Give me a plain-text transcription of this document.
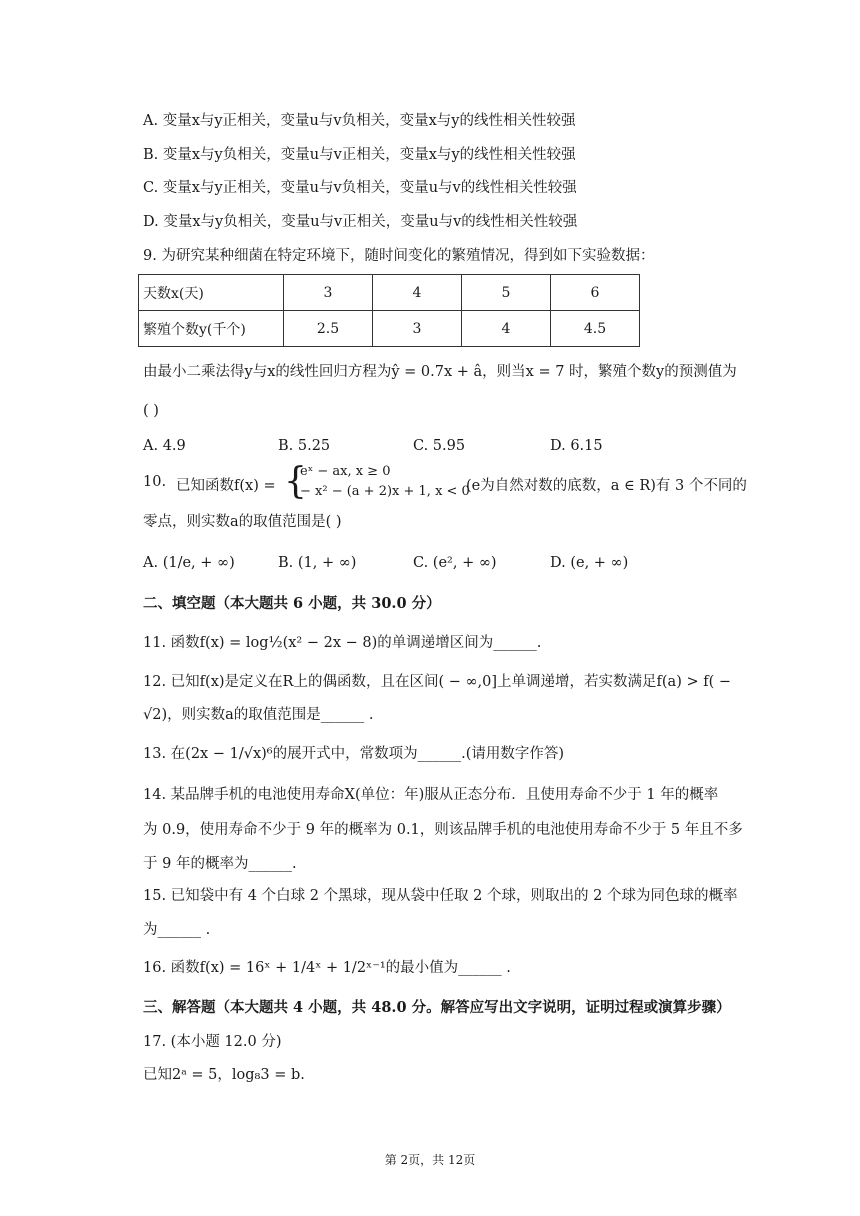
A. 变量x与y正相关，变量u与v负相关，变量x与y的线性相关性较强
B. 变量x与y负相关，变量u与v正相关，变量x与y的线性相关性较强
C. 变量x与y正相关，变量u与v负相关，变量u与v的线性相关性较强
D. 变量x与y负相关，变量u与v正相关，变量u与v的线性相关性较强
9. 为研究某种细菌在特定环境下，随时间变化的繁殖情况，得到如下实验数据：
天数x(天)	3	4	5	6
繁殖个数y(千个)	2.5	3	4	4.5
由最小二乘法得y与x的线性回归方程为ŷ = 0.7x + â，则当x = 7 时，繁殖个数y的预测值为
( )
A. 4.9	B. 5.25	C. 5.95	D. 6.15
10. 已知函数f(x) = {
eˣ − ax, x ≥ 0
− x² − (a + 2)x + 1, x < 0
(e为自然对数的底数，a ∈ R)有 3 个不同的
零点，则实数a的取值范围是( )
A. (1/e, + ∞)	B. (1, + ∞)	C. (e², + ∞)	D. (e, + ∞)
二、填空题（本大题共 6 小题，共 30.0 分）
11. 函数f(x) = log½(x² − 2x − 8)的单调递增区间为______.
12. 已知f(x)是定义在R上的偶函数，且在区间( − ∞,0]上单调递增，若实数满足f(a) > f( −
√2)，则实数a的取值范围是______ .
13. 在(2x − 1/√x)⁶的展开式中，常数项为______.(请用数字作答)
14. 某品牌手机的电池使用寿命X(单位：年)服从正态分布．且使用寿命不少于 1 年的概率
为 0.9，使用寿命不少于 9 年的概率为 0.1，则该品牌手机的电池使用寿命不少于 5 年且不多
于 9 年的概率为______.
15. 已知袋中有 4 个白球 2 个黑球，现从袋中任取 2 个球，则取出的 2 个球为同色球的概率
为______ .
16. 函数f(x) = 16ˣ + 1/4ˣ + 1/2ˣ⁻¹的最小值为______ .
三、解答题（本大题共 4 小题，共 48.0 分。解答应写出文字说明，证明过程或演算步骤）
17. (本小题 12.0 分)
已知2ᵃ = 5，log₈3 = b.
第 2页，共 12页
